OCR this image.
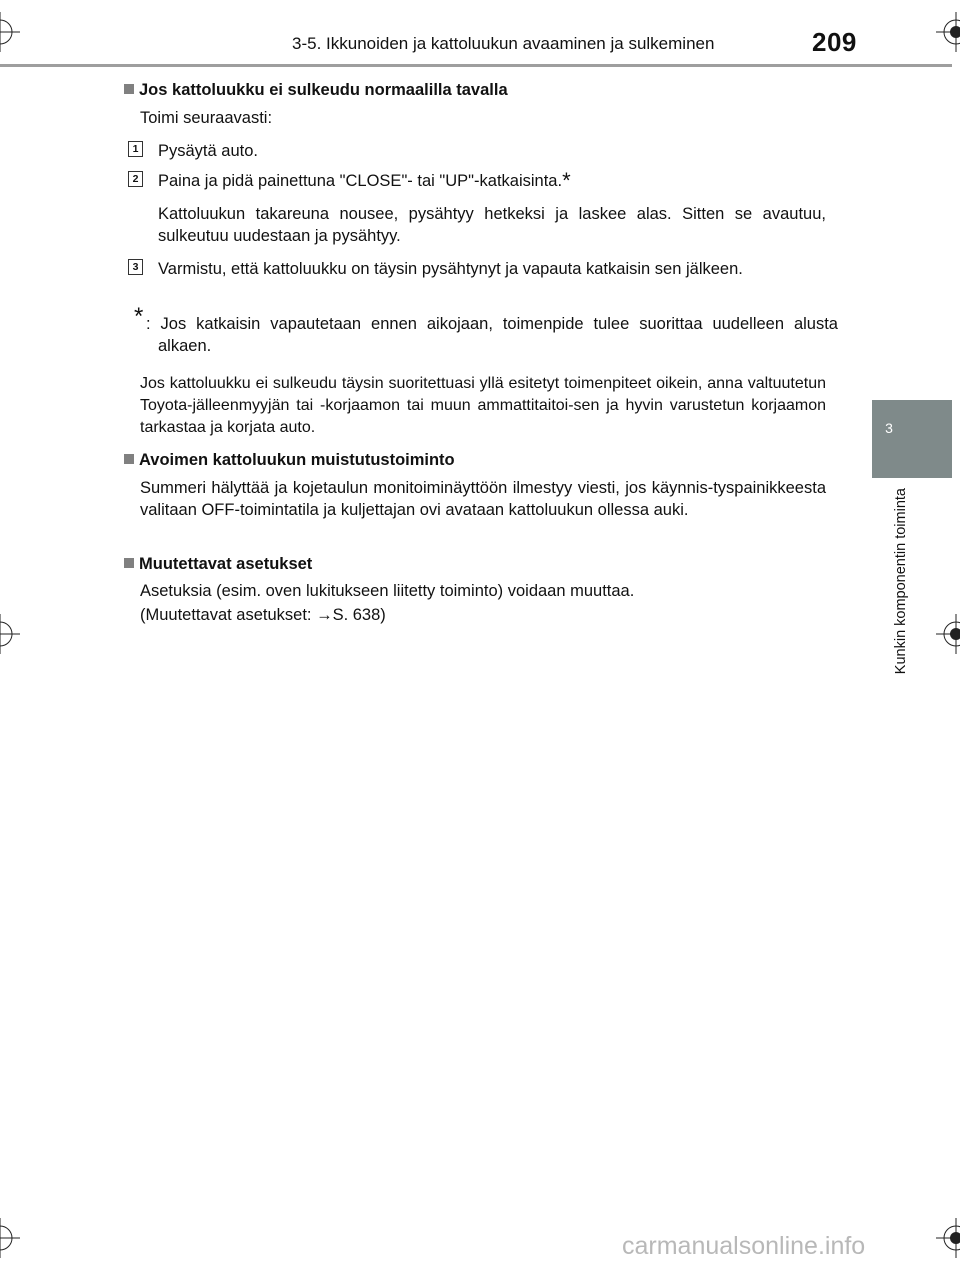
3-5. Ikkunoiden ja kattoluukun avaaminen ja sulkeminen	209
3
Kunkin komponentin toiminta
Jos kattoluukku ei sulkeudu normaalilla tavalla
Toimi seuraavasti:
1 Pysäytä auto.
2 Paina ja pidä painettuna "CLOSE"- tai "UP"-katkaisinta.*
Kattoluukun takareuna nousee, pysähtyy hetkeksi ja laskee alas. Sitten se avautuu, sulkeutuu uudestaan ja pysähtyy.
3 Varmistu, että kattoluukku on täysin pysähtynyt ja vapauta katkaisin sen jälkeen.
* : Jos katkaisin vapautetaan ennen aikojaan, toimenpide tulee suorittaa uudelleen alusta alkaen.
Jos kattoluukku ei sulkeudu täysin suoritettuasi yllä esitetyt toimenpiteet oikein, anna valtuutetun Toyota-jälleenmyyjän tai -korjaamon tai muun ammattitaitoi-sen ja hyvin varustetun korjaamon tarkastaa ja korjata auto.
Avoimen kattoluukun muistutustoiminto
Summeri hälyttää ja kojetaulun monitoiminäyttöön ilmestyy viesti, jos käynnis-tyspainikkeesta valitaan OFF-toimintatila ja kuljettajan ovi avataan kattoluukun ollessa auki.
Muutettavat asetukset
Asetuksia (esim. oven lukitukseen liitetty toiminto) voidaan muuttaa.
(Muutettavat asetukset: →S. 638)
carmanualsonline.info
